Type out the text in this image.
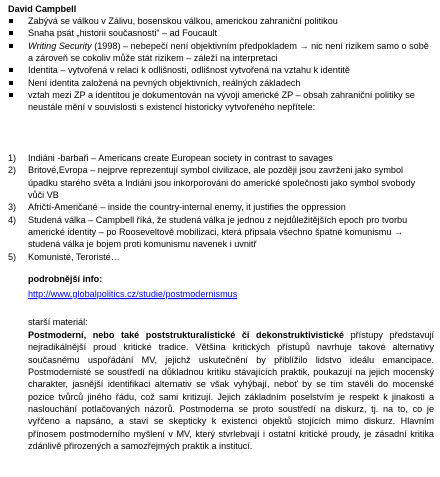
David Campbell
Zabývá se válkou v Zálivu, bosenskou válkou, americkou zahraniční politikou
Snaha psát „historii současnosti“ – ad Foucault
Writing Security (1998) – nebepečí není objektivním předpokladem → nic není rizikem samo o sobě a zároveň se cokoliv může stát rizikem – záleží na interpretaci
Identita – vytvořená v relaci k odlišnosti, odlišnost vytvořená na vztahu k identitě
Není identita založená na pevných objektivních, reálných základech
vztah mezi ZP a identitou je dokumentován na vývoji americké ZP – obsah zahraniční politiky se neustále mění v souvislosti s existencí historicky vytvořeného nepřítele:
1) Indiáni -barbaři – Americans create European society in contrast to savages
2) Britové,Evropa – nejprve reprezentují symbol civilizace, ale později jsou zavrženi jako symbol úpadku starého světa a Indiáni jsou inkorporováni do americké společnosti jako symbol svobody vůči VB
3) Afričtí-Američané – inside the country-internal enemy, it justifies the oppression
4) Studená válka – Campbell říká, že studená válka je jednou z nejdůležitějších epoch pro tvorbu americké identity – po Rooseveltově mobilizaci, která připsala všechno špatné komunismu → studená válka je bojem proti komunismu navenek i uvnitř
5) Komunisté, Teroristé…
podrobnější info:
http://www.globalpolitics.cz/studie/postmodernismus
starší materiál:
Postmoderní, nebo také poststrukturalistické či dekonstruktivistické přístupy představují nejradikálnější proud kritické tradice. Většina kritických přístupů navrhuje takové alternativy současnému uspořádání MV, jejichž uskutečnění by přiblížilo lidstvo ideálu emancipace. Postmodernisté se soustředí na důkladnou kritiku stávajících praktik, poukazují na jejich mocenský charakter, jasnější identifikaci alternativ se však vyhýbají, neboť by se tím stavěli do mocenské pozice tvůrců jiného řádu, což sami kritizují. Jejich základním poselstvím je respekt k jinakosti a naslouchání potlačovaných názorů. Postmoderna se proto soustředí na diskurz, tj. na to, co je vyřčeno a napsáno, a staví se skepticky k existenci objektů stojících mimo diskurz. Hlavním přínosem postmoderního myšlení v MV, který stvrlebvají i ostatní kritické proudy, je zásadní kritika zdánlivě přirozených a samozřejmých praktik a institucí.
